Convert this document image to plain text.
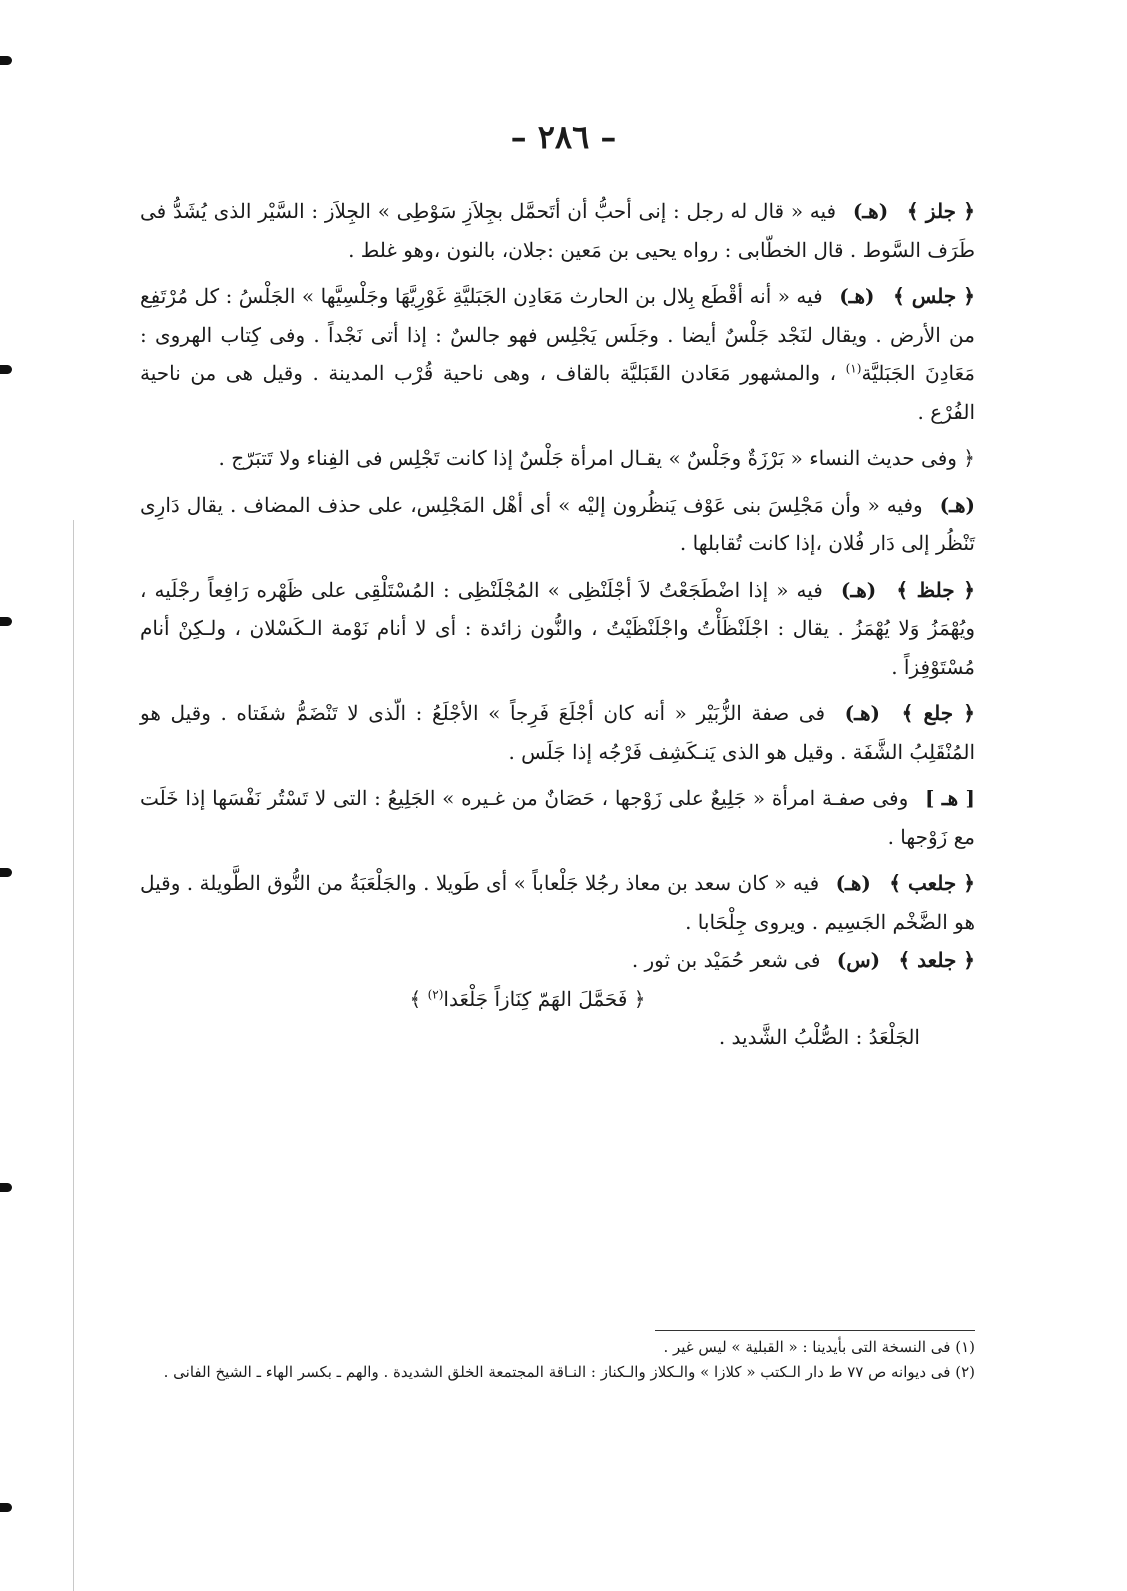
– ٢٨٦ –

﴿ جلز ﴾ (هـ) فيه « قال له رجل : إنى أحبُّ أن أتَحمَّل بجِلاَزِ سَوْطِى » الجِلاَز : السَّيْر الذى يُشَدُّ فى طَرَف السَّوط . قال الخطّابى : رواه يحيى بن مَعين :جلان، بالنون ،وهو غلط .

﴿ جلس ﴾ (هـ) فيه « أنه أقْطَع بِلال بن الحارث مَعَادِن الجَبَليَّةِ غَوْرِيَّهَا وجَلْسِيَّها » الجَلْسُ : كل مُرْتَفِع من الأرض . ويقال لنَجْد جَلْسٌ أيضا . وجَلَس يَجْلِس فهو جالسٌ : إذا أتى نَجْداً . وفى كِتاب الهروى : مَعَادِنَ الجَبَليَّة$^{(١)}$ ، والمشهور مَعَادن القَبَليَّة بالقاف ، وهى ناحية قُرْب المدينة . وقيل هى من ناحية الفُرْع .

﴿ وفى حديث النساء « بَرْزَةٌ وجَلْسٌ » يقـال امرأة جَلْسٌ إذا كانت تَجْلِس فى الفِناء ولا تَتبَرّج .

(هـ) وفيه « وأن مَجْلِسَ بنى عَوْف يَنظُرون إليْه » أى أهْل المَجْلِس، على حذف المضاف . يقال دَارِى تَنْظُر إلى دَار فُلان ،إذا كانت تُقابلها .

﴿ جلظ ﴾ (هـ) فيه « إذا اضْطَجَعْتُ لاَ أجْلَنْظِى » المُجْلَنْظِى : المُسْتَلْقِى على ظَهْره رَافِعاً رجْلَيه ، ويُهْمَزُ وَلا يُهْمَزُ . يقال : اجْلَنْظَأْتُ واجْلَنْظَيْتُ ، والنُّون زائدة : أى لا أنام نَوْمة الـكَسْلان ، ولـكِنْ أنام مُسْتَوْفِزاً .

﴿ جلع ﴾ (هـ) فى صفة الزُّبَيْر « أنه كان أجْلَعَ فَرِجاً » الأجْلَعُ : الّذى لا تَنْضَمُّ شفَتاه . وقيل هو المُنْقَلِبُ الشَّفَة . وقيل هو الذى يَنـكَشِف فَرْجُه إذا جَلَس .

[ هـ ] وفى صفـة امرأة « جَلِيعٌ على زَوْجها ، حَصَانٌ من غـيره » الجَلِيعُ : التى لا تَسْتُر نَفْسَها إذا خَلَت مع زَوْجها .

﴿ جلعب ﴾ (هـ) فيه « كان سعد بن معاذ رجُلا جَلْعاباً » أى طَويلا . والجَلْعَبَةُ من النُّوق الطَّويلة . وقيل هو الضَّخْم الجَسِيم . ويروى جِلْحَابا .

﴿ جلعد ﴾ (س) فى شعر حُمَيْد بن ثور .

﴿ فَحَمَّلَ الهَمّ كِنَازاً جَلْعَدا$^{(٢)}$ ﴾

الجَلْعَدُ : الصُّلْبُ الشَّديد .

(١) فى النسخة التى بأيدينا : « القبلية » ليس غير .

(٢) فى ديوانه ص ٧٧ ط دار الـكتب « كلازا » والـكلاز والـكناز : النـاقة المجتمعة الخلق الشديدة . والهم ـ بكسر الهاء ـ الشيخ الفانى .
